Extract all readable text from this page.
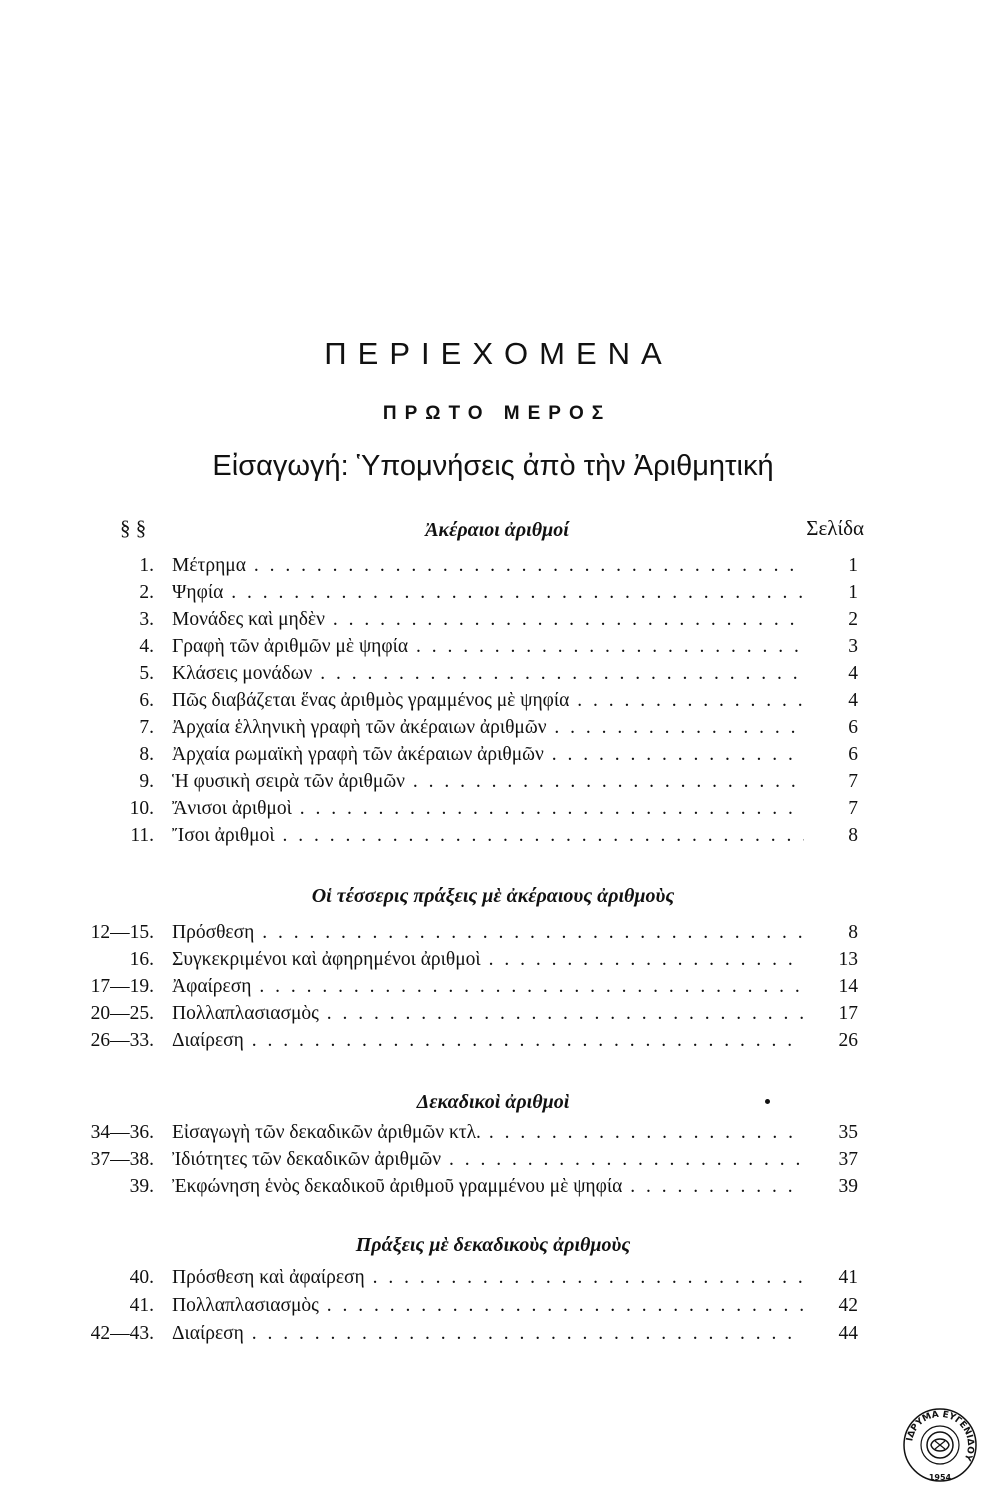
ΠΕΡΙΕΧΟΜΕΝΑ
ΠΡΩΤΟ ΜΕΡΟΣ
Εἰσαγωγή: Ὑπομνήσεις ἀπὸ τὴν Ἀριθμητική
§ §	Σελίδα
Ἀκέραιοι ἀριθμοί
1. Μέτρημα . . .	1
2. Ψηφία . . .	1
3. Μονάδες καὶ μηδὲν . . .	2
4. Γραφὴ τῶν ἀριθμῶν μὲ ψηφία . . .	3
5. Κλάσεις μονάδων . . .	4
6. Πῶς διαβάζεται ἕνας ἀριθμὸς γραμμένος μὲ ψηφία . . .	4
7. Ἀρχαία ἑλληνικὴ γραφὴ τῶν ἀκέραιων ἀριθμῶν . . .	6
8. Ἀρχαία ρωμαϊκὴ γραφὴ τῶν ἀκέραιων ἀριθμῶν . . .	6
9. Ἡ φυσικὴ σειρὰ τῶν ἀριθμῶν . . .	7
10. Ἄνισοι ἀριθμοὶ . . .	7
11. Ἴσοι ἀριθμοὶ . . .	8
Οἱ τέσσερις πράξεις μὲ ἀκέραιους ἀριθμοὺς
12—15. Πρόσθεση . . .	8
16. Συγκεκριμένοι καὶ ἀφηρημένοι ἀριθμοὶ . . .	13
17—19. Ἀφαίρεση . . .	14
20—25. Πολλαπλασιασμὸς . . .	17
26—33. Διαίρεση . . .	26
Δεκαδικοὶ ἀριθμοὶ
34—36. Εἰσαγωγὴ τῶν δεκαδικῶν ἀριθμῶν κτλ. . . .	35
37—38. Ἰδιότητες τῶν δεκαδικῶν ἀριθμῶν . . .	37
39. Ἐκφώνηση ἑνὸς δεκαδικοῦ ἀριθμοῦ γραμμένου μὲ ψηφία . . .	39
Πράξεις μὲ δεκαδικοὺς ἀριθμοὺς
40. Πρόσθεση καὶ ἀφαίρεση . . .	41
41. Πολλαπλασιασμὸς . . .	42
42—43. Διαίρεση . . .	44
ΙΔΡΥΜΑ ΕΥΓΕΝΙΔΟΥ
1954
